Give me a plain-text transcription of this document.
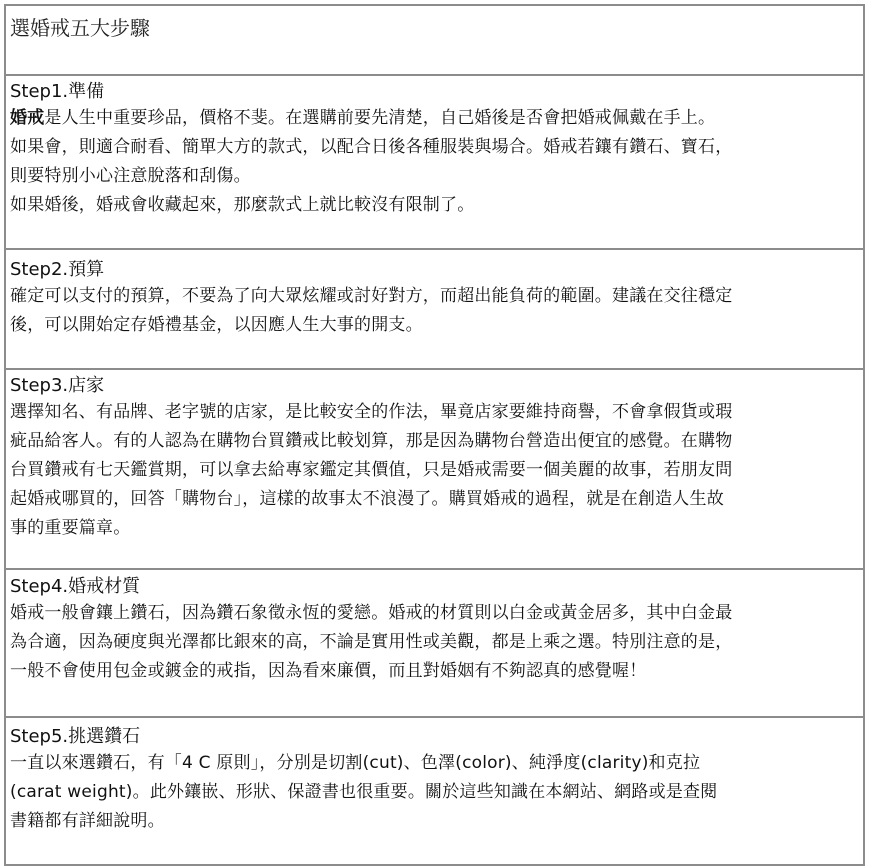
選婚戒五大步驟
Step1.準備

婚戒是人生中重要珍品，價格不斐。在選購前要先清楚，自己婚後是否會把婚戒佩戴在手上。

如果會，則適合耐看、簡單大方的款式，以配合日後各種服裝與場合。婚戒若鑲有鑽石、寶石，

則要特別小心注意脫落和刮傷。

如果婚後，婚戒會收藏起來，那麼款式上就比較沒有限制了。

Step2.預算

確定可以支付的預算，不要為了向大眾炫耀或討好對方，而超出能負荷的範圍。建議在交往穩定

後，可以開始定存婚禮基金，以因應人生大事的開支。

Step3.店家

選擇知名、有品牌、老字號的店家，是比較安全的作法，畢竟店家要維持商譽，不會拿假貨或瑕

疵品給客人。有的人認為在購物台買鑽戒比較划算，那是因為購物台營造出便宜的感覺。在購物

台買鑽戒有七天鑑賞期，可以拿去給專家鑑定其價值，只是婚戒需要一個美麗的故事，若朋友問

起婚戒哪買的，回答「購物台」，這樣的故事太不浪漫了。購買婚戒的過程，就是在創造人生故

事的重要篇章。

Step4.婚戒材質

婚戒一般會鑲上鑽石，因為鑽石象徵永恆的愛戀。婚戒的材質則以白金或黃金居多，其中白金最

為合適，因為硬度與光澤都比銀來的高，不論是實用性或美觀，都是上乘之選。特別注意的是，

一般不會使用包金或鍍金的戒指，因為看來廉價，而且對婚姻有不夠認真的感覺喔！

Step5.挑選鑽石

一直以來選鑽石，有「4 C 原則」，分別是切割(cut)、色澤(color)、純淨度(clarity)和克拉

(carat weight)。此外鑲嵌、形狀、保證書也很重要。關於這些知識在本網站、網路或是查閱

書籍都有詳細說明。
